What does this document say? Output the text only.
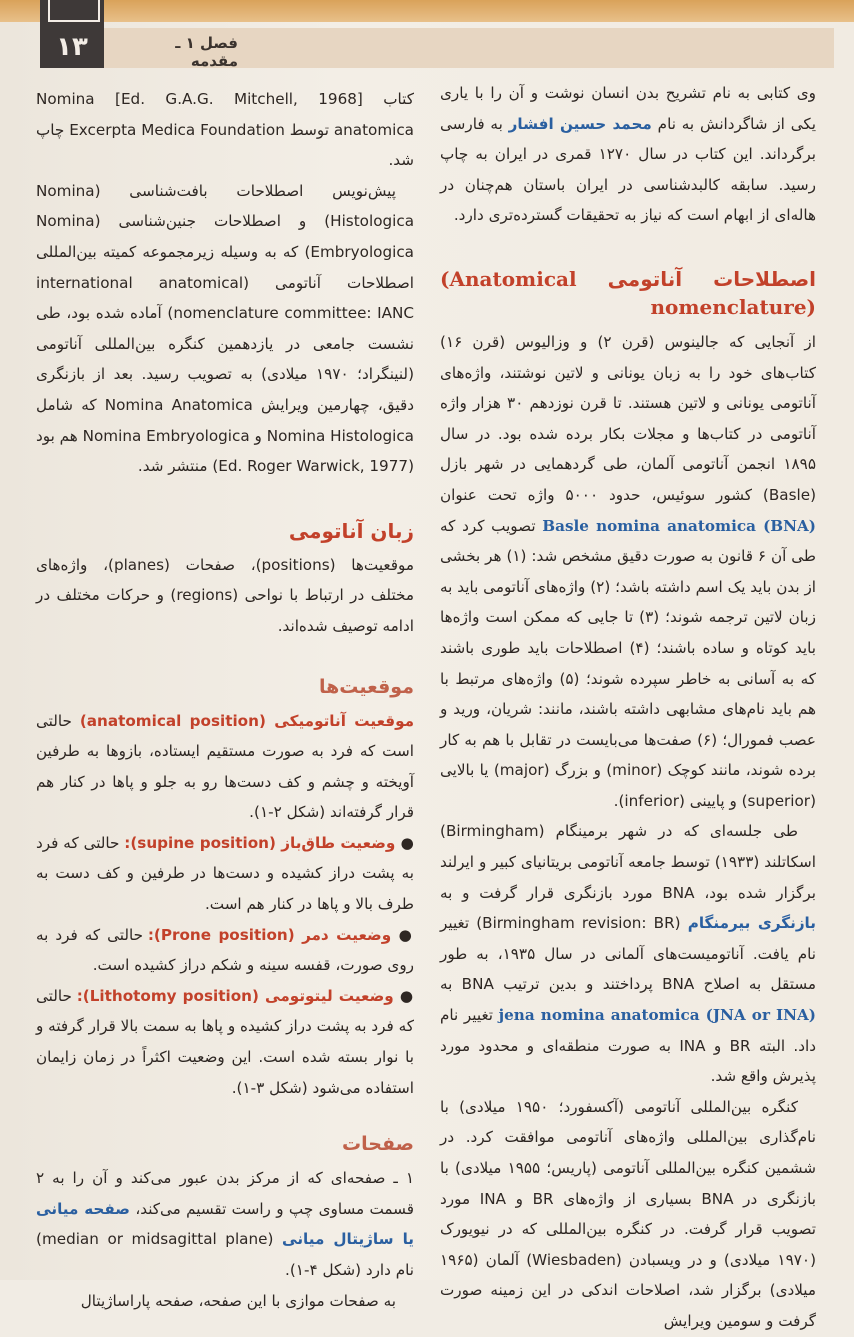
۱۳	فصل ۱ ـ مقدمه

وی کتابی به نام تشریح بدن انسان نوشت و آن را با یاری یکی از شاگردانش به نام محمد حسین افشار به فارسی برگرداند. این کتاب در سال ۱۲۷۰ قمری در ایران به چاپ رسید. سابقه کالبدشناسی در ایران باستان هم‌چنان در هاله‌ای از ابهام است که نیاز به تحقیقات گسترده‌تری دارد.

اصطلاحات آناتومی (Anatomical nomenclature)

از آنجایی که جالینوس (قرن ۲) و وزالیوس (قرن ۱۶) کتاب‌های خود را به زبان یونانی و لاتین نوشتند، واژه‌های آناتومی یونانی و لاتین هستند. تا قرن نوزدهم ۳۰ هزار واژه آناتومی در کتاب‌ها و مجلات بکار برده شده بود. در سال ۱۸۹۵ انجمن آناتومی آلمان، طی گردهمایی در شهر بازل (Basle) کشور سوئیس، حدود ۵۰۰۰ واژه تحت عنوان Basle nomina anatomica (BNA) تصویب کرد که طی آن ۶ قانون به صورت دقیق مشخص شد: (۱) هر بخشی از بدن باید یک اسم داشته باشد؛ (۲) واژه‌های آناتومی باید به زبان لاتین ترجمه شوند؛ (۳) تا جایی که ممکن است واژه‌ها باید کوتاه و ساده باشند؛ (۴) اصطلاحات باید طوری باشند که به آسانی به خاطر سپرده شوند؛ (۵) واژه‌های مرتبط با هم باید نام‌های مشابهی داشته باشند، مانند: شریان، ورید و عصب فمورال؛ (۶) صفت‌ها می‌بایست در تقابل با هم به کار برده شوند، مانند کوچک (minor) و بزرگ (major) یا بالایی (superior) و پایینی (inferior).

طی جلسه‌ای که در شهر برمینگام (Birmingham) اسکاتلند (۱۹۳۳) توسط جامعه آناتومی بریتانیای کبیر و ایرلند برگزار شده بود، BNA مورد بازنگری قرار گرفت و به بازنگری بیرمنگام (Birmingham revision: BR) تغییر نام یافت. آناتومیست‌های آلمانی در سال ۱۹۳۵، به طور مستقل به اصلاح BNA پرداختند و بدین ترتیب BNA به jena nomina anatomica (JNA or INA) تغییر نام داد. البته BR و INA به صورت منطقه‌ای و محدود مورد پذیرش واقع شد.

کنگره بین‌المللی آناتومی (آکسفورد؛ ۱۹۵۰ میلادی) با نام‌گذاری بین‌المللی واژه‌های آناتومی موافقت کرد. در ششمین کنگره بین‌المللی آناتومی (پاریس؛ ۱۹۵۵ میلادی) با بازنگری در BNA بسیاری از واژه‌های BR و INA مورد تصویب قرار گرفت. در کنگره بین‌المللی که در نیویورک (۱۹۷۰ میلادی) و در ویسبادن (Wiesbaden) آلمان (۱۹۶۵ میلادی) برگزار شد، اصلاحات اندکی در این زمینه صورت گرفت و سومین ویرایش

کتاب [Ed. G.A.G. Mitchell, 1968] Nomina anatomica توسط Excerpta Medica Foundation چاپ شد.

پیش‌نویس اصطلاحات بافت‌شناسی (Nomina Histologica) و اصطلاحات جنین‌شناسی (Nomina Embryologica) که به وسیله زیرمجموعه کمیته بین‌المللی اصطلاحات آناتومی (international anatomical nomenclature committee: IANC) آماده شده بود، طی نشست جامعی در یازدهمین کنگره بین‌المللی آناتومی (لنینگراد؛ ۱۹۷۰ میلادی) به تصویب رسید. بعد از بازنگری دقیق، چهارمین ویرایش Nomina Anatomica که شامل Nomina Histologica و Nomina Embryologica هم بود (Ed. Roger Warwick, 1977) منتشر شد.

زبان آناتومی

موقعیت‌ها (positions)، صفحات (planes)، واژه‌های مختلف در ارتباط با نواحی (regions) و حرکات مختلف در ادامه توصیف شده‌اند.

موقعیت‌ها

موقعیت آناتومیکی (anatomical position) حالتی است که فرد به صورت مستقیم ایستاده، بازوها به طرفین آویخته و چشم و کف دست‌ها رو به جلو و پاها در کنار هم قرار گرفته‌اند (شکل ۲-۱).

● وضعیت طاق‌باز (supine position): حالتی که فرد به پشت دراز کشیده و دست‌ها در طرفین و کف دست به طرف بالا و پاها در کنار هم است.

● وضعیت دمر (Prone position): حالتی که فرد به روی صورت، قفسه سینه و شکم دراز کشیده است.

● وضعیت لیتوتومی (Lithotomy position): حالتی که فرد به پشت دراز کشیده و پاها به سمت بالا قرار گرفته و با نوار بسته شده است. این وضعیت اکثراً در زمان زایمان استفاده می‌شود (شکل ۳-۱).

صفحات

۱ ـ صفحه‌ای که از مرکز بدن عبور می‌کند و آن را به ۲ قسمت مساوی چپ و راست تقسیم می‌کند، صفحه میانی یا ساژیتال میانی (median or midsagittal plane) نام دارد (شکل ۴-۱).

به صفحات موازی با این صفحه، صفحه پاراساژیتال
